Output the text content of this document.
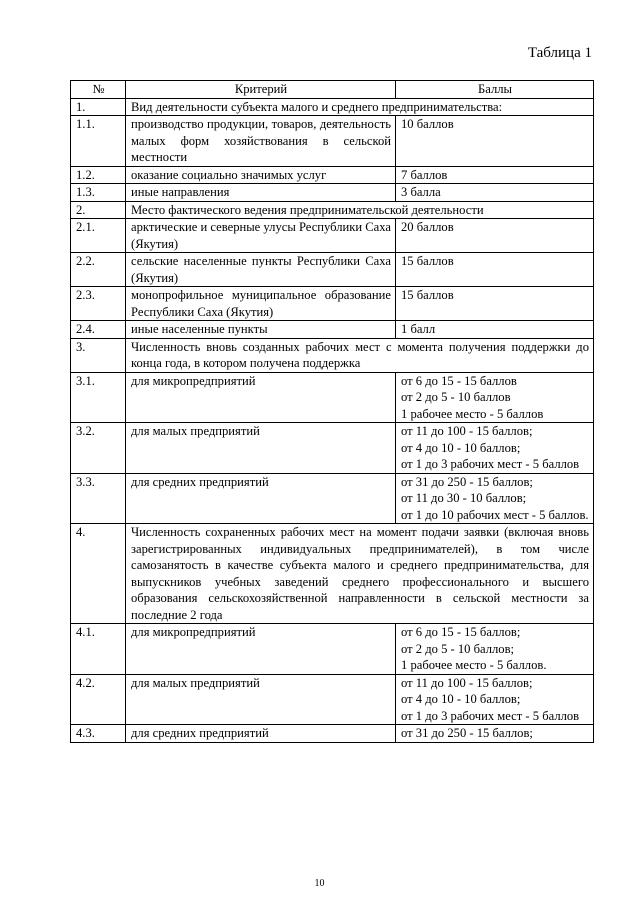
Таблица 1
№	Критерий	Баллы
1.	Вид деятельности субъекта малого и среднего предпринимательства:	
1.1.	производство продукции, товаров, деятельность малых форм хозяйствования в сельской местности	10 баллов
1.2.	оказание социально значимых услуг	7 баллов
1.3.	иные направления	3 балла
2.	Место фактического ведения предпринимательской деятельности	
2.1.	арктические и северные улусы Республики Саха (Якутия)	20 баллов
2.2.	сельские населенные пункты Республики Саха (Якутия)	15 баллов
2.3.	монопрофильное муниципальное образование Республики Саха (Якутия)	15 баллов
2.4.	иные населенные пункты	1 балл
3.	Численность вновь созданных рабочих мест с момента получения поддержки до конца года, в котором получена поддержка	
3.1.	для микропредприятий	от 6 до 15 - 15 баллов
от 2 до 5 - 10 баллов
1 рабочее место - 5 баллов

3.2.	для малых предприятий	от 11 до 100 - 15 баллов;
от 4 до 10 - 10 баллов;
от 1 до 3 рабочих мест - 5 баллов

3.3.	для средних предприятий	от 31 до 250 - 15 баллов;
от 11 до 30 - 10 баллов;
от 1 до 10 рабочих мест - 5 баллов.

4.	Численность сохраненных рабочих мест на момент подачи заявки (включая вновь зарегистрированных индивидуальных предпринимателей), в том числе самозанятость в качестве субъекта малого и среднего предпринимательства, для выпускников учебных заведений среднего профессионального и высшего образования сельскохозяйственной направленности в сельской местности за последние 2 года	
4.1.	для микропредприятий	от 6 до 15 - 15 баллов;
от 2 до 5 - 10 баллов;
1 рабочее место - 5 баллов.

4.2.	для малых предприятий	от 11 до 100 - 15 баллов;
от 4 до 10 - 10 баллов;
от 1 до 3 рабочих мест - 5 баллов

4.3.	для средних предприятий	от 31 до 250 - 15 баллов;
10
